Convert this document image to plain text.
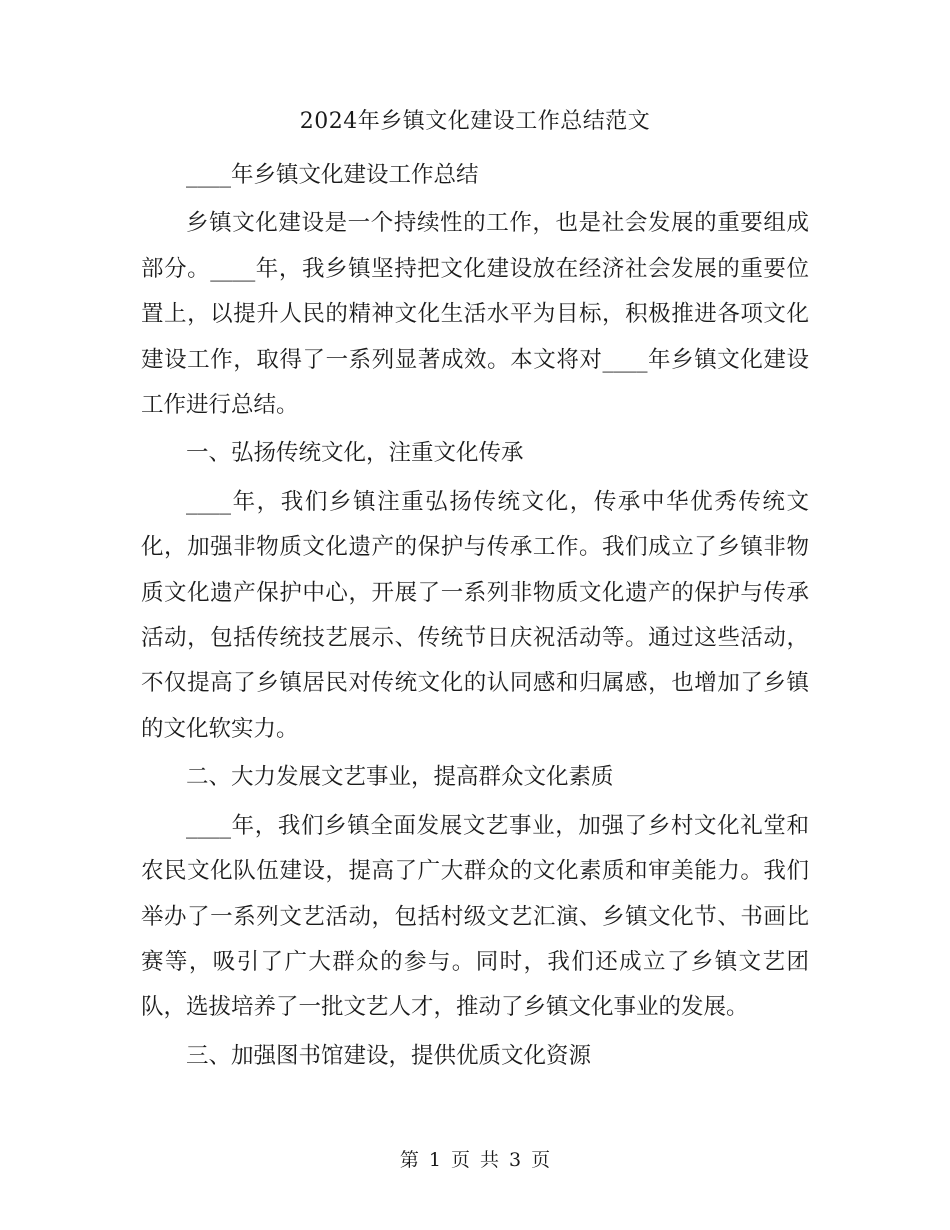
2024年乡镇文化建设工作总结范文

____年乡镇文化建设工作总结

乡镇文化建设是一个持续性的工作，也是社会发展的重要组成部分。____年，我乡镇坚持把文化建设放在经济社会发展的重要位置上，以提升人民的精神文化生活水平为目标，积极推进各项文化建设工作，取得了一系列显著成效。本文将对____年乡镇文化建设工作进行总结。

一、弘扬传统文化，注重文化传承

____年，我们乡镇注重弘扬传统文化，传承中华优秀传统文化，加强非物质文化遗产的保护与传承工作。我们成立了乡镇非物质文化遗产保护中心，开展了一系列非物质文化遗产的保护与传承活动，包括传统技艺展示、传统节日庆祝活动等。通过这些活动，不仅提高了乡镇居民对传统文化的认同感和归属感，也增加了乡镇的文化软实力。

二、大力发展文艺事业，提高群众文化素质

____年，我们乡镇全面发展文艺事业，加强了乡村文化礼堂和农民文化队伍建设，提高了广大群众的文化素质和审美能力。我们举办了一系列文艺活动，包括村级文艺汇演、乡镇文化节、书画比赛等，吸引了广大群众的参与。同时，我们还成立了乡镇文艺团队，选拔培养了一批文艺人才，推动了乡镇文化事业的发展。

三、加强图书馆建设，提供优质文化资源

第 1 页 共 3 页
